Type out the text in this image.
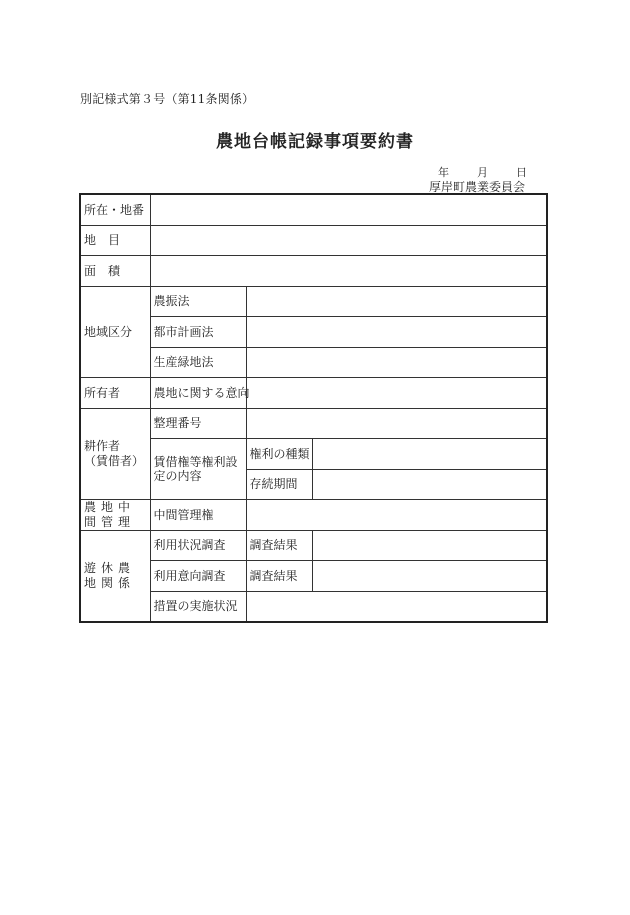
別記様式第３号（第11条関係）
農地台帳記録事項要約書
年	月	日
厚岸町農業委員会
所在・地番			
地　目			
面　積			
地域区分	農振法		
	都市計画法		
	生産緑地法		
所有者	農地に関する意向		

耕作者
（賃借者）	整理番号		
	賃借権等権利設定の内容	権利の種類	
		存続期間	
農地中間管理	中間管理権		
遊休農地関係	利用状況調査	調査結果	
	利用意向調査	調査結果	
	措置の実施状況		
